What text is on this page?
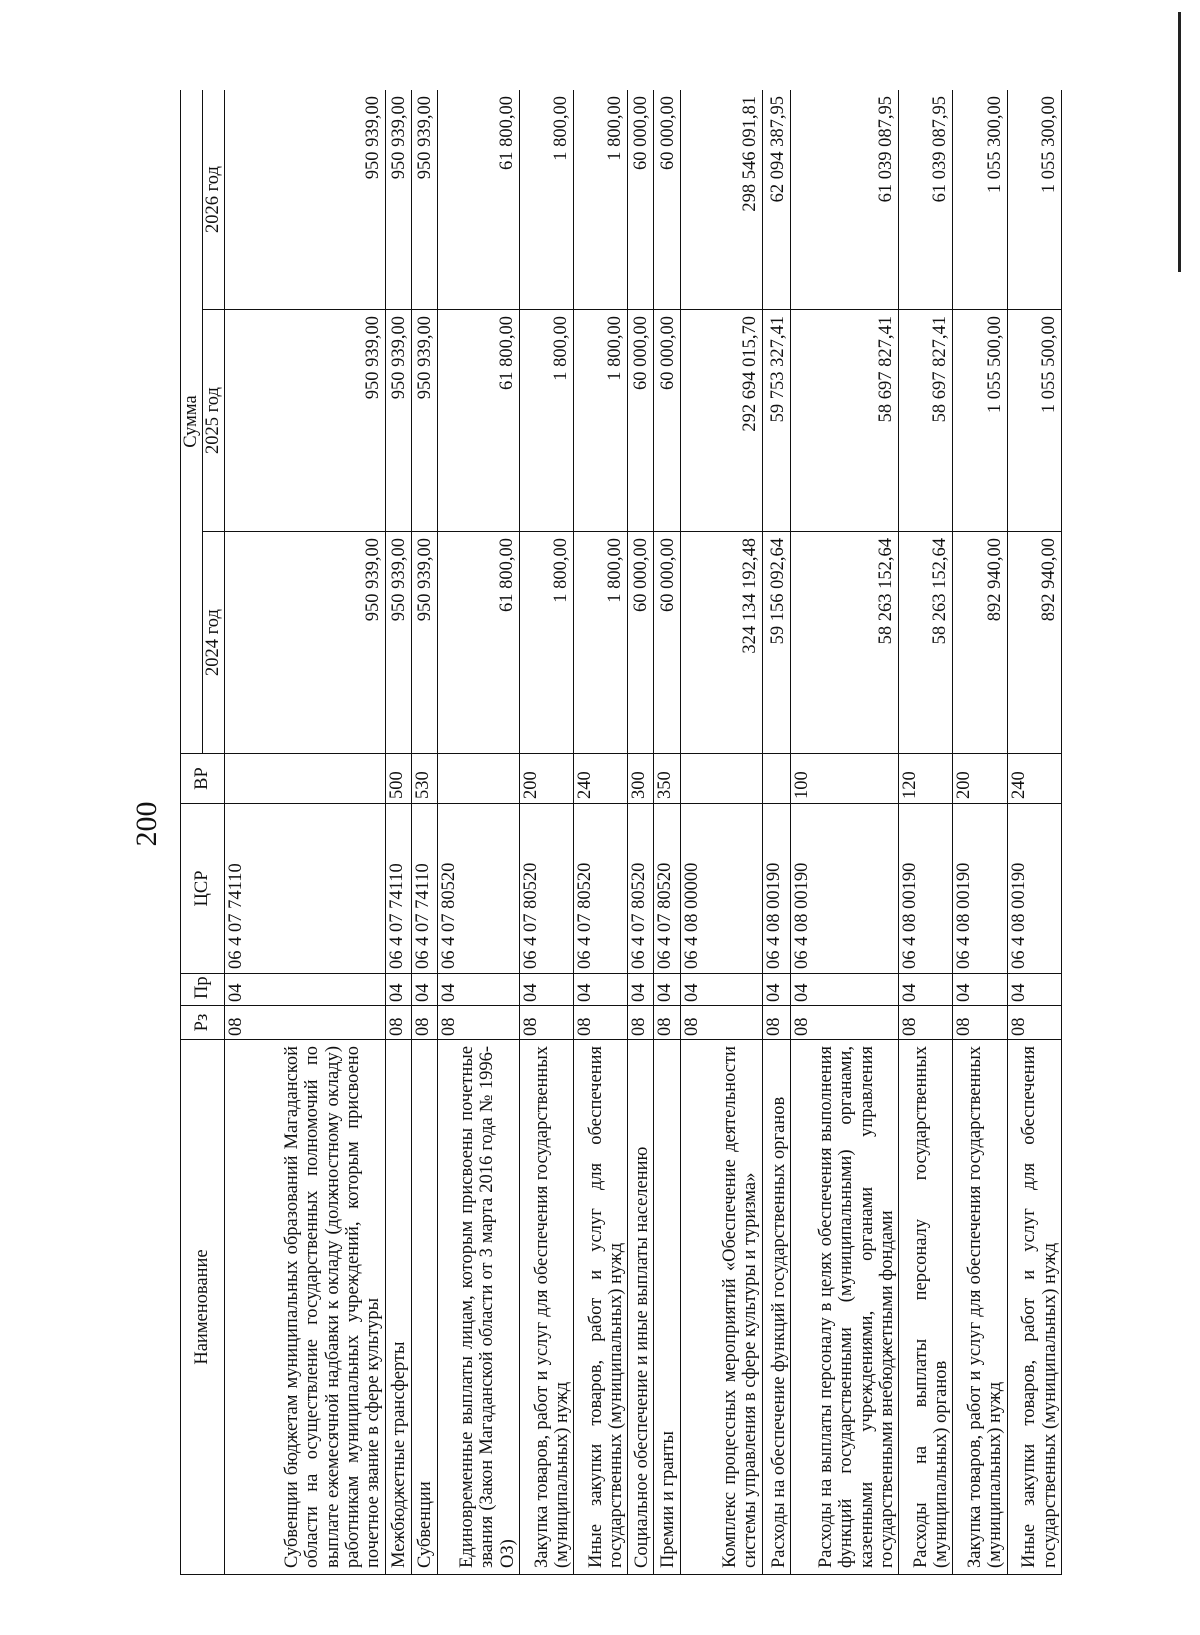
200
Наименование	Рз	Пр	ЦСР	ВР	Сумма		
					2024 год	2025 год	2026 год
Субвенции бюджетам муниципальных образований Магаданской области на осуществление государственных полномочий по выплате ежемесячной надбавки к окладу (должностному окладу) работникам муниципальных учреждений, которым присвоено почетное звание в сфере культуры	08	04	06 4 07 74110		950 939,00	950 939,00	950 939,00
Межбюджетные трансферты	08	04	06 4 07 74110	500	950 939,00	950 939,00	950 939,00
Субвенции	08	04	06 4 07 74110	530	950 939,00	950 939,00	950 939,00
Единовременные выплаты лицам, которым присвоены почетные звания (Закон Магаданской области от 3 марта 2016 года № 1996-ОЗ)	08	04	06 4 07 80520		61 800,00	61 800,00	61 800,00
Закупка товаров, работ и услуг для обеспечения государственных (муниципальных) нужд	08	04	06 4 07 80520	200	1 800,00	1 800,00	1 800,00
Иные закупки товаров, работ и услуг для обеспечения государственных (муниципальных) нужд	08	04	06 4 07 80520	240	1 800,00	1 800,00	1 800,00
Социальное обеспечение и иные выплаты населению	08	04	06 4 07 80520	300	60 000,00	60 000,00	60 000,00
Премии и гранты	08	04	06 4 07 80520	350	60 000,00	60 000,00	60 000,00
Комплекс процессных мероприятий «Обеспечение деятельности системы управления в сфере культуры и туризма»	08	04	06 4 08 00000		324 134 192,48	292 694 015,70	298 546 091,81
Расходы на обеспечение функций государственных органов	08	04	06 4 08 00190		59 156 092,64	59 753 327,41	62 094 387,95
Расходы на выплаты персоналу в целях обеспечения выполнения функций государственными (муниципальными) органами, казенными учреждениями, органами управления государственными внебюджетными фондами	08	04	06 4 08 00190	100	58 263 152,64	58 697 827,41	61 039 087,95
Расходы на выплаты персоналу государственных (муниципальных) органов	08	04	06 4 08 00190	120	58 263 152,64	58 697 827,41	61 039 087,95
Закупка товаров, работ и услуг для обеспечения государственных (муниципальных) нужд	08	04	06 4 08 00190	200	892 940,00	1 055 500,00	1 055 300,00
Иные закупки товаров, работ и услуг для обеспечения государственных (муниципальных) нужд	08	04	06 4 08 00190	240	892 940,00	1 055 500,00	1 055 300,00
